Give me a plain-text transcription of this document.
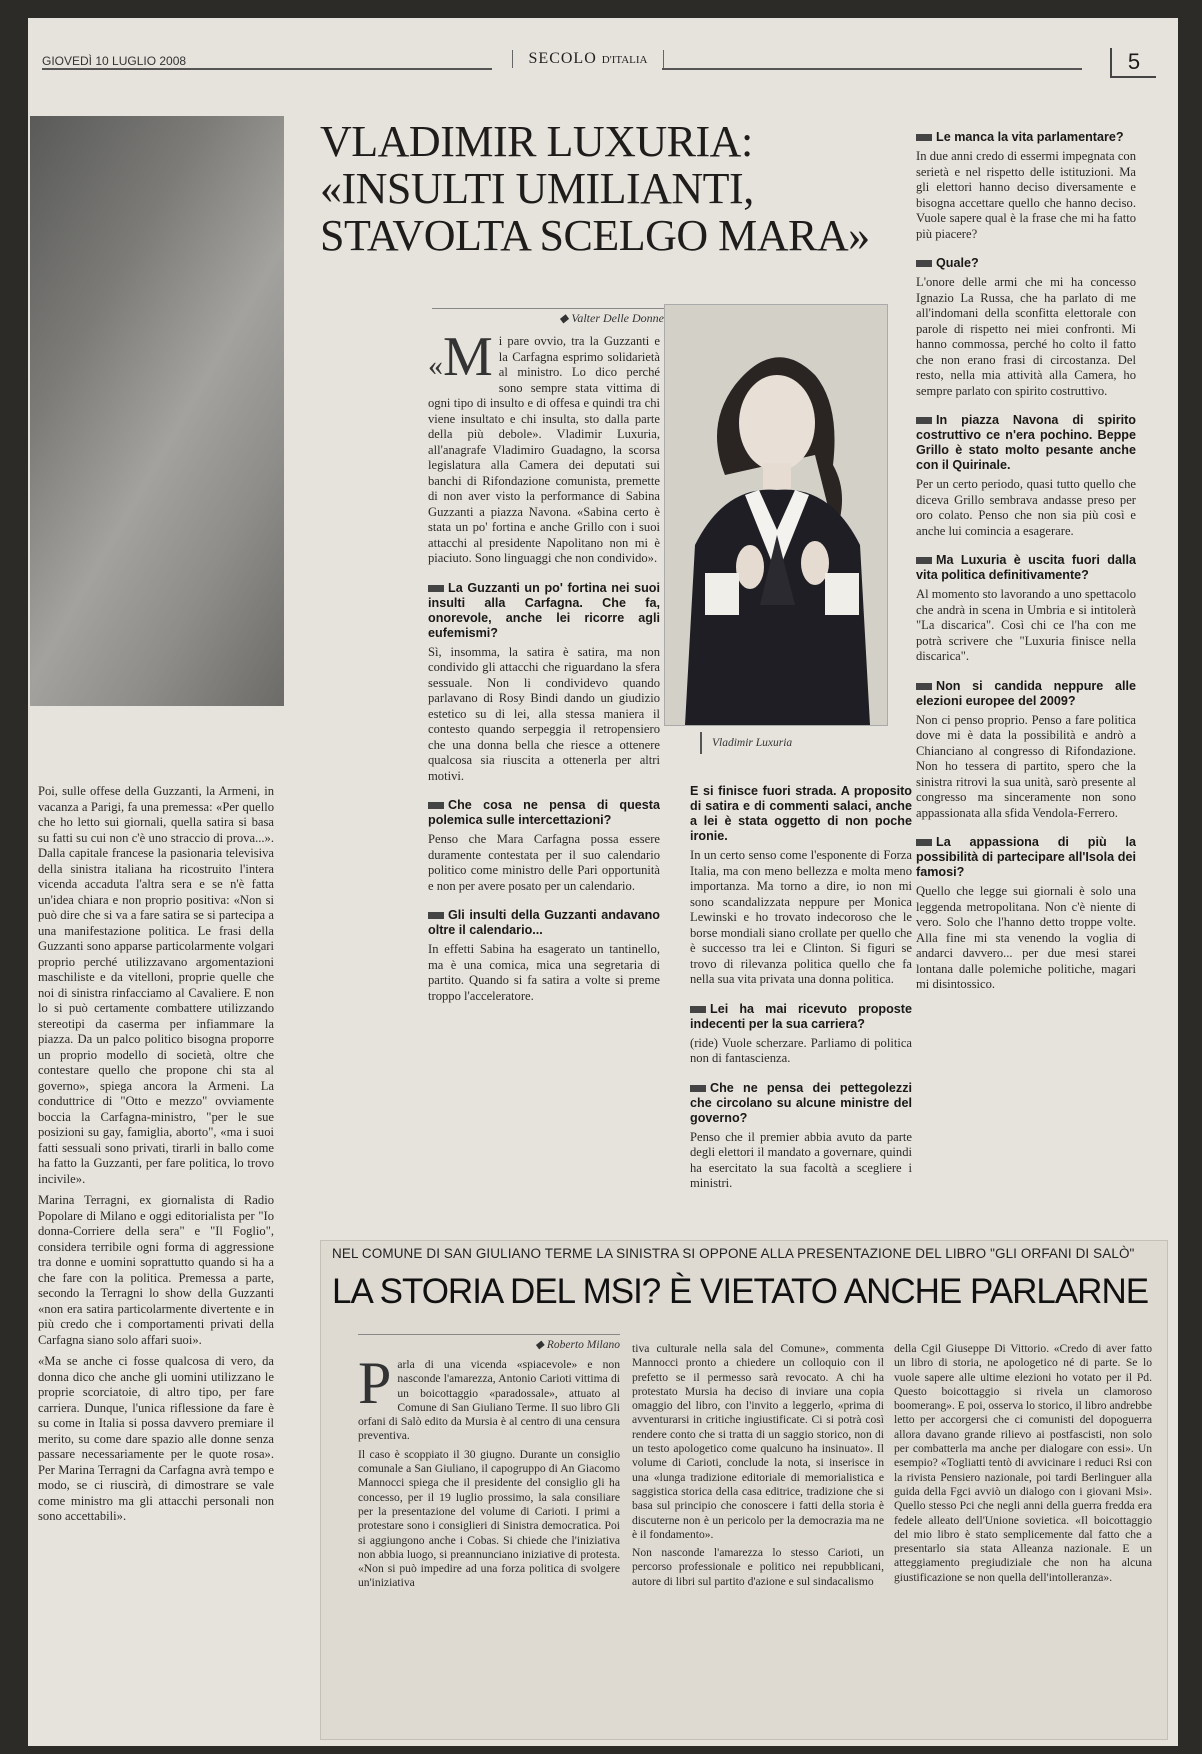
GIOVEDÌ 10 LUGLIO 2008	SECOLO D'ITALIA	5
VLADIMIR LUXURIA: «INSULTI UMILIANTI, STAVOLTA SCELGO MARA»
◆ Valter Delle Donne

«M i pare ovvio, tra la Guzzanti e la Carfagna esprimo solidarietà al ministro. Lo dico perché sono sempre stata vittima di ogni tipo di insulto e di offesa e quindi tra chi viene insultato e chi insulta, sto dalla parte della più debole». Vladimir Luxuria, all'anagrafe Vladimiro Guadagno, la scorsa legislatura alla Camera dei deputati sui banchi di Rifondazione comunista, premette di non aver visto la performance di Sabina Guzzanti a piazza Navona. «Sabina certo è stata un po' fortina e anche Grillo con i suoi attacchi al presidente Napolitano non mi è piaciuto. Sono linguaggi che non condivido».

La Guzzanti un po' fortina nei suoi insulti alla Carfagna. Che fa, onorevole, anche lei ricorre agli eufemismi?

Sì, insomma, la satira è satira, ma non condivido gli attacchi che riguardano la sfera sessuale. Non li condividevo quando parlavano di Rosy Bindi dando un giudizio estetico su di lei, alla stessa maniera il contesto quando serpeggia il retropensiero che una donna bella che riesce a ottenere qualcosa sia riuscita a ottenerla per altri motivi.

Che cosa ne pensa di questa polemica sulle intercettazioni?

Penso che Mara Carfagna possa essere duramente contestata per il suo calendario politico come ministro delle Pari opportunità e non per avere posato per un calendario.

Gli insulti della Guzzanti andavano oltre il calendario...

In effetti Sabina ha esagerato un tantinello, ma è una comica, mica una segretaria di partito. Quando si fa satira a volte si preme troppo l'acceleratore.

Poi, sulle offese della Guzzanti, la Armeni, in vacanza a Parigi, fa una premessa: «Per quello che ho letto sui giornali, quella satira si basa su fatti su cui non c'è uno straccio di prova...». Dalla capitale francese la pasionaria televisiva della sinistra italiana ha ricostruito l'intera vicenda accaduta l'altra sera e se n'è fatta un'idea chiara e non proprio positiva: «Non si può dire che si va a fare satira se si partecipa a una manifestazione politica. Le frasi della Guzzanti sono apparse particolarmente volgari proprio perché utilizzavano argomentazioni maschiliste e da vitelloni, proprie quelle che noi di sinistra rinfacciamo al Cavaliere. E non lo si può certamente combattere utilizzando stereotipi da caserma per infiammare la piazza. Da un palco politico bisogna proporre un proprio modello di società, oltre che contestare quello che propone chi sta al governo», spiega ancora la Armeni. La conduttrice di "Otto e mezzo" ovviamente boccia la Carfagna-ministro, "per le sue posizioni su gay, famiglia, aborto", «ma i suoi fatti sessuali sono privati, tirarli in ballo come ha fatto la Guzzanti, per fare politica, lo trovo incivile».

Marina Terragni, ex giornalista di Radio Popolare di Milano e oggi editorialista per "Io donna-Corriere della sera" e "Il Foglio", considera terribile ogni forma di aggressione tra donne e uomini soprattutto quando si ha a che fare con la politica. Premessa a parte, secondo la Terragni lo show della Guzzanti «non era satira particolarmente divertente e in più credo che i comportamenti privati della Carfagna siano solo affari suoi».

«Ma se anche ci fosse qualcosa di vero, da donna dico che anche gli uomini utilizzano le proprie scorciatoie, di altro tipo, per fare carriera. Dunque, l'unica riflessione da fare è su come in Italia si possa davvero premiare il merito, su come dare spazio alle donne senza passare necessariamente per le quote rosa». Per Marina Terragni da Carfagna avrà tempo e modo, se ci riuscirà, di dimostrare se vale come ministro ma gli attacchi personali non sono accettabili».

Vladimir Luxuria
E si finisce fuori strada. A proposito di satira e di commenti salaci, anche a lei è stata oggetto di non poche ironie.

In un certo senso come l'esponente di Forza Italia, ma con meno bellezza e molta meno importanza. Ma torno a dire, io non mi sono scandalizzata neppure per Monica Lewinski e ho trovato indecoroso che le borse mondiali siano crollate per quello che è successo tra lei e Clinton. Si figuri se trovo di rilevanza politica quello che fa nella sua vita privata una donna politica.

Lei ha mai ricevuto proposte indecenti per la sua carriera?

(ride) Vuole scherzare. Parliamo di politica non di fantascienza.

Che ne pensa dei pettegolezzi che circolano su alcune ministre del governo?

Penso che il premier abbia avuto da parte degli elettori il mandato a governare, quindi ha esercitato la sua facoltà a scegliere i ministri.

Le manca la vita parlamentare?

In due anni credo di essermi impegnata con serietà e nel rispetto delle istituzioni. Ma gli elettori hanno deciso diversamente e bisogna accettare quello che hanno deciso. Vuole sapere qual è la frase che mi ha fatto più piacere?

Quale?

L'onore delle armi che mi ha concesso Ignazio La Russa, che ha parlato di me all'indomani della sconfitta elettorale con parole di rispetto nei miei confronti. Mi hanno commossa, perché ho colto il fatto che non erano frasi di circostanza. Del resto, nella mia attività alla Camera, ho sempre parlato con spirito costruttivo.

In piazza Navona di spirito costruttivo ce n'era pochino. Beppe Grillo è stato molto pesante anche con il Quirinale.

Per un certo periodo, quasi tutto quello che diceva Grillo sembrava andasse preso per oro colato. Penso che non sia più così e anche lui comincia a esagerare.

Ma Luxuria è uscita fuori dalla vita politica definitivamente?

Al momento sto lavorando a uno spettacolo che andrà in scena in Umbria e si intitolerà "La discarica". Così chi ce l'ha con me potrà scrivere che "Luxuria finisce nella discarica".

Non si candida neppure alle elezioni europee del 2009?

Non ci penso proprio. Penso a fare politica dove mi è data la possibilità e andrò a Chianciano al congresso di Rifondazione. Non ho tessera di partito, spero che la sinistra ritrovi la sua unità, sarò presente al congresso ma sinceramente non sono appassionata alla sfida Vendola-Ferrero.

La appassiona di più la possibilità di partecipare all'Isola dei famosi?

Quello che legge sui giornali è solo una leggenda metropolitana. Non c'è niente di vero. Solo che l'hanno detto troppe volte. Alla fine mi sta venendo la voglia di andarci davvero... per due mesi starei lontana dalle polemiche politiche, magari mi disintossico.

NEL COMUNE DI SAN GIULIANO TERME LA SINISTRA SI OPPONE ALLA PRESENTAZIONE DEL LIBRO "GLI ORFANI DI SALÒ"
LA STORIA DEL MSI? È VIETATO ANCHE PARLARNE
◆ Roberto Milano

Parla di una vicenda «spiacevole» e non nasconde l'amarezza, Antonio Carioti vittima di un boicottaggio «paradossale», attuato al Comune di San Giuliano Terme. Il suo libro Gli orfani di Salò edito da Mursia è al centro di una censura preventiva.

Il caso è scoppiato il 30 giugno. Durante un consiglio comunale a San Giuliano, il capogruppo di An Giacomo Mannocci spiega che il presidente del consiglio gli ha concesso, per il 19 luglio prossimo, la sala consiliare per la presentazione del volume di Carioti. I primi a protestare sono i consiglieri di Sinistra democratica. Poi si aggiungono anche i Cobas. Si chiede che l'iniziativa non abbia luogo, si preannunciano iniziative di protesta. «Non si può impedire ad una forza politica di svolgere un'iniziativa

tiva culturale nella sala del Comune», commenta Mannocci pronto a chiedere un colloquio con il prefetto se il permesso sarà revocato. A chi ha protestato Mursia ha deciso di inviare una copia omaggio del libro, con l'invito a leggerlo, «prima di avventurarsi in critiche ingiustificate. Ci si potrà così rendere conto che si tratta di un saggio storico, non di un testo apologetico come qualcuno ha insinuato». Il volume di Carioti, conclude la nota, si inserisce in una «lunga tradizione editoriale di memorialistica e saggistica storica della casa editrice, tradizione che si basa sul principio che conoscere i fatti della storia è discuterne non è un pericolo per la democrazia ma ne è il fondamento».

Non nasconde l'amarezza lo stesso Carioti, un percorso professionale e politico nei repubblicani, autore di libri sul partito d'azione e sul sindacalismo

della Cgil Giuseppe Di Vittorio. «Credo di aver fatto un libro di storia, ne apologetico né di parte. Se lo vuole sapere alle ultime elezioni ho votato per il Pd. Questo boicottaggio si rivela un clamoroso boomerang». E poi, osserva lo storico, il libro andrebbe letto per accorgersi che ci comunisti del dopoguerra allora davano grande rilievo ai postfascisti, non solo per combatterla ma anche per dialogare con essi». Un esempio? «Togliatti tentò di avvicinare i reduci Rsi con la rivista Pensiero nazionale, poi tardi Berlinguer alla guida della Fgci avviò un dialogo con i giovani Msi». Quello stesso Pci che negli anni della guerra fredda era fedele alleato dell'Unione sovietica. «Il boicottaggio del mio libro è stato semplicemente dal fatto che a presentarlo sia stata Alleanza nazionale. E un atteggiamento pregiudiziale che non ha alcuna giustificazione se non quella dell'intolleranza».
